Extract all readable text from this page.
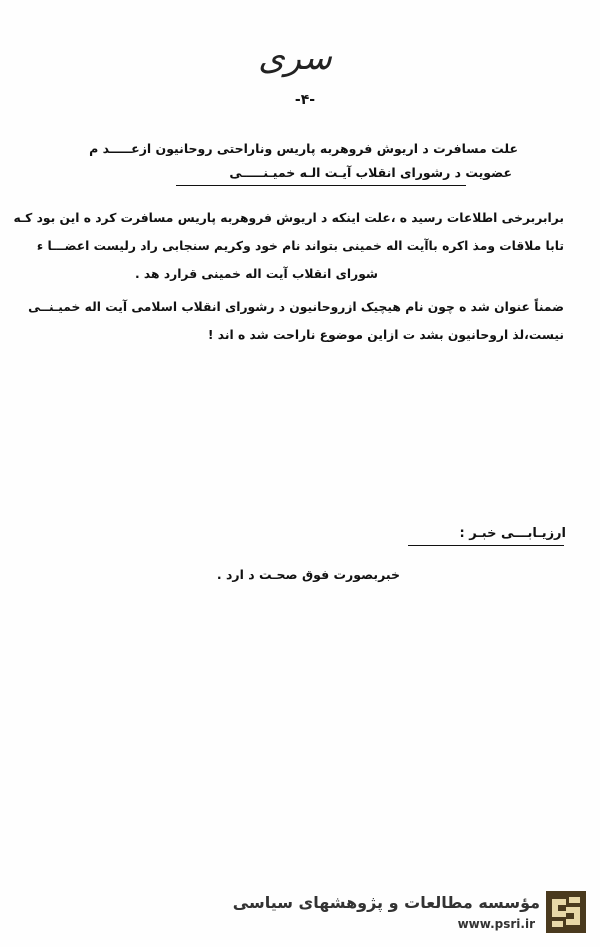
سری
-۴-
علت مسافرت د اریوش فروهربه پاریس وناراحتی روحانیون ازعـــــد م
عضویت د رشورای انقلاب آیـت الـه خمیـنـــــی
برابربرخی اطلاعات رسید ه ،علت اینکه د اریوش فروهربه پاریس مسافرت کرد ه این بود کـه
تابا ملاقات ومذ اکره باآیت اله خمینی بتواند نام خود وکریم سنجابی راد رلیست اعضـــا ء
شورای انقلاب آیت اله خمینی قرارد هد .
ضمناً عنوان شد ه چون نام هیچیک ازروحانیون د رشورای انقلاب اسلامی آیت اله خمیـنــی
نیست،لذ اروحانیون بشد ت ازاین موضوع ناراحت شد ه اند !
ارزیـابـــی خبـر :
خبربصورت فوق صحـت د ارد .
مؤسسه مطالعات و پژوهشهای سیاسی
www.psri.ir
